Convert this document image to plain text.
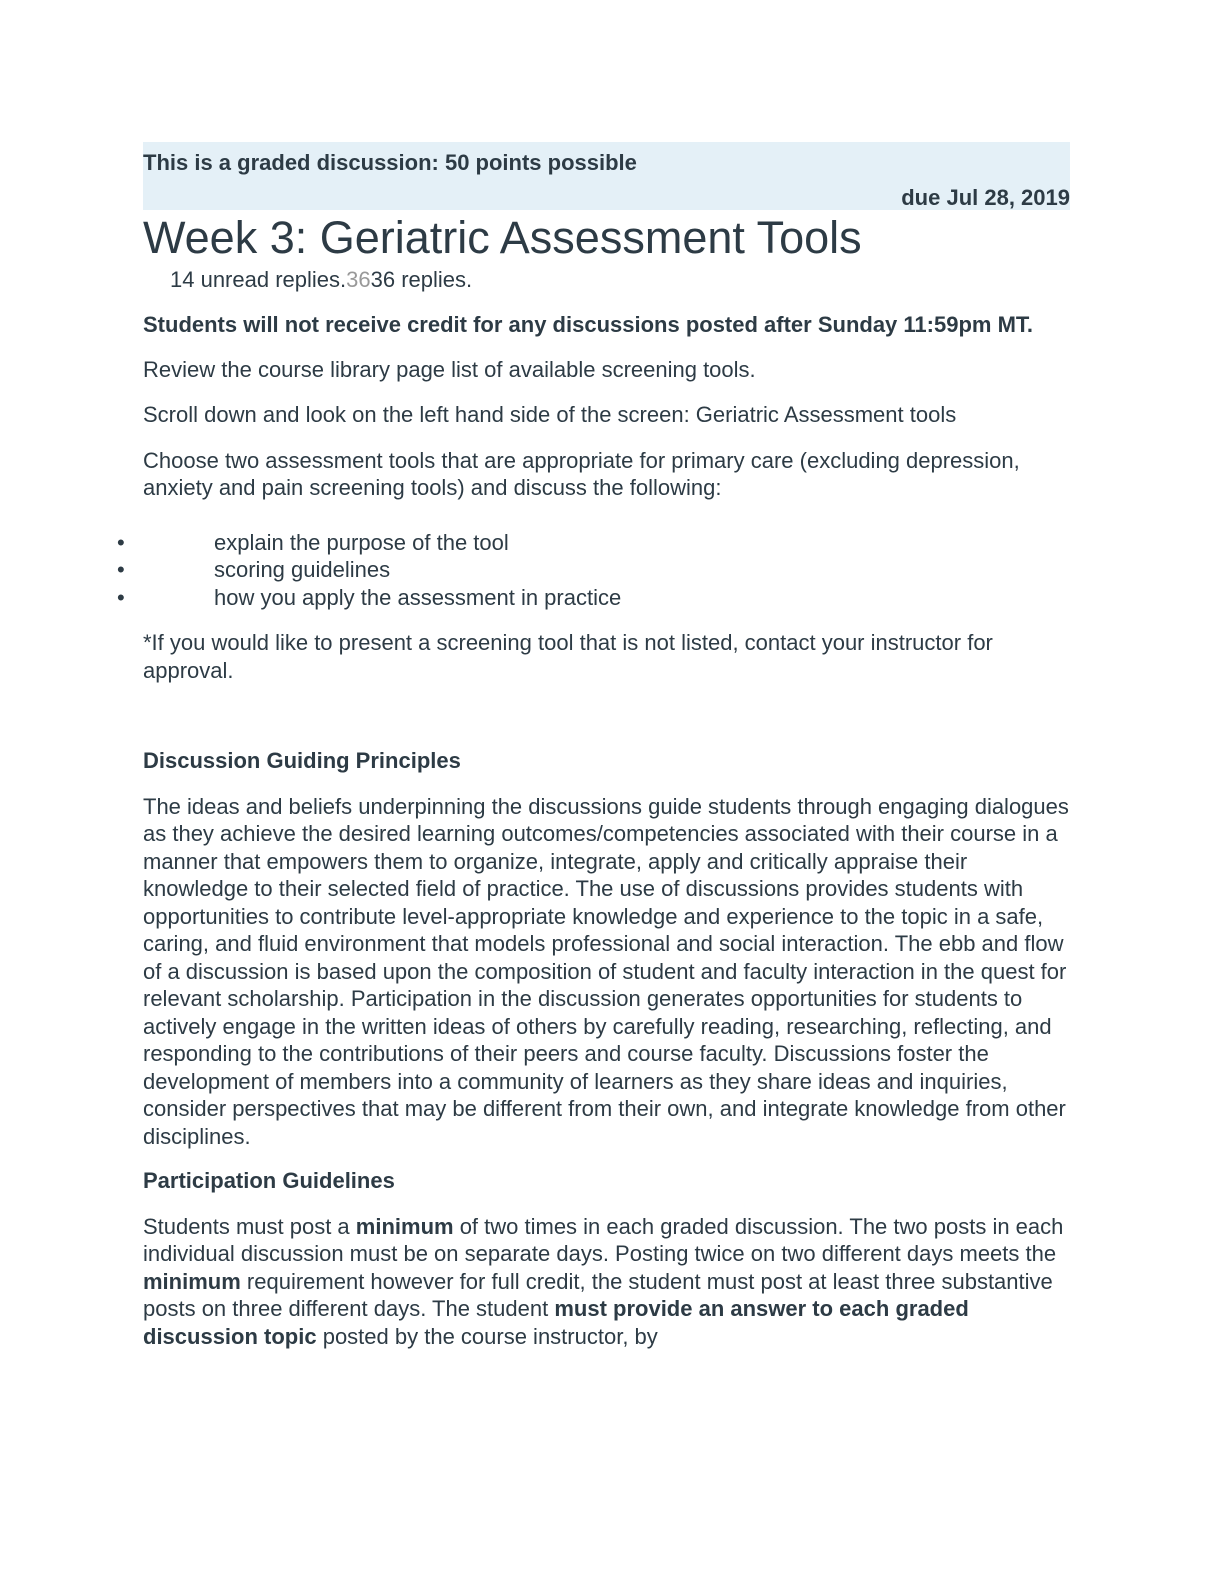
This is a graded discussion: 50 points possible
due Jul 28, 2019
Week 3: Geriatric Assessment Tools
14 unread replies.3636 replies.

Students will not receive credit for any discussions posted after Sunday 11:59pm MT.

Review the course library page list of available screening tools.

Scroll down and look on the left hand side of the screen: Geriatric Assessment tools

Choose two assessment tools that are appropriate for primary care (excluding depression, anxiety and pain screening tools) and discuss the following:

•	explain the purpose of the tool
•	scoring guidelines
•	how you apply the assessment in practice

*If you would like to present a screening tool that is not listed, contact your instructor for approval.

Discussion Guiding Principles

The ideas and beliefs underpinning the discussions guide students through engaging dialogues as they achieve the desired learning outcomes/competencies associated with their course in a manner that empowers them to organize, integrate, apply and critically appraise their knowledge to their selected field of practice. The use of discussions provides students with opportunities to contribute level-appropriate knowledge and experience to the topic in a safe, caring, and fluid environment that models professional and social interaction. The ebb and flow of a discussion is based upon the composition of student and faculty interaction in the quest for relevant scholarship. Participation in the discussion generates opportunities for students to actively engage in the written ideas of others by carefully reading, researching, reflecting, and responding to the contributions of their peers and course faculty. Discussions foster the development of members into a community of learners as they share ideas and inquiries, consider perspectives that may be different from their own, and integrate knowledge from other disciplines.

Participation Guidelines

Students must post a minimum of two times in each graded discussion. The two posts in each individual discussion must be on separate days. Posting twice on two different days meets the minimum requirement however for full credit, the student must post at least three substantive posts on three different days. The student must provide an answer to each graded discussion topic posted by the course instructor, by
